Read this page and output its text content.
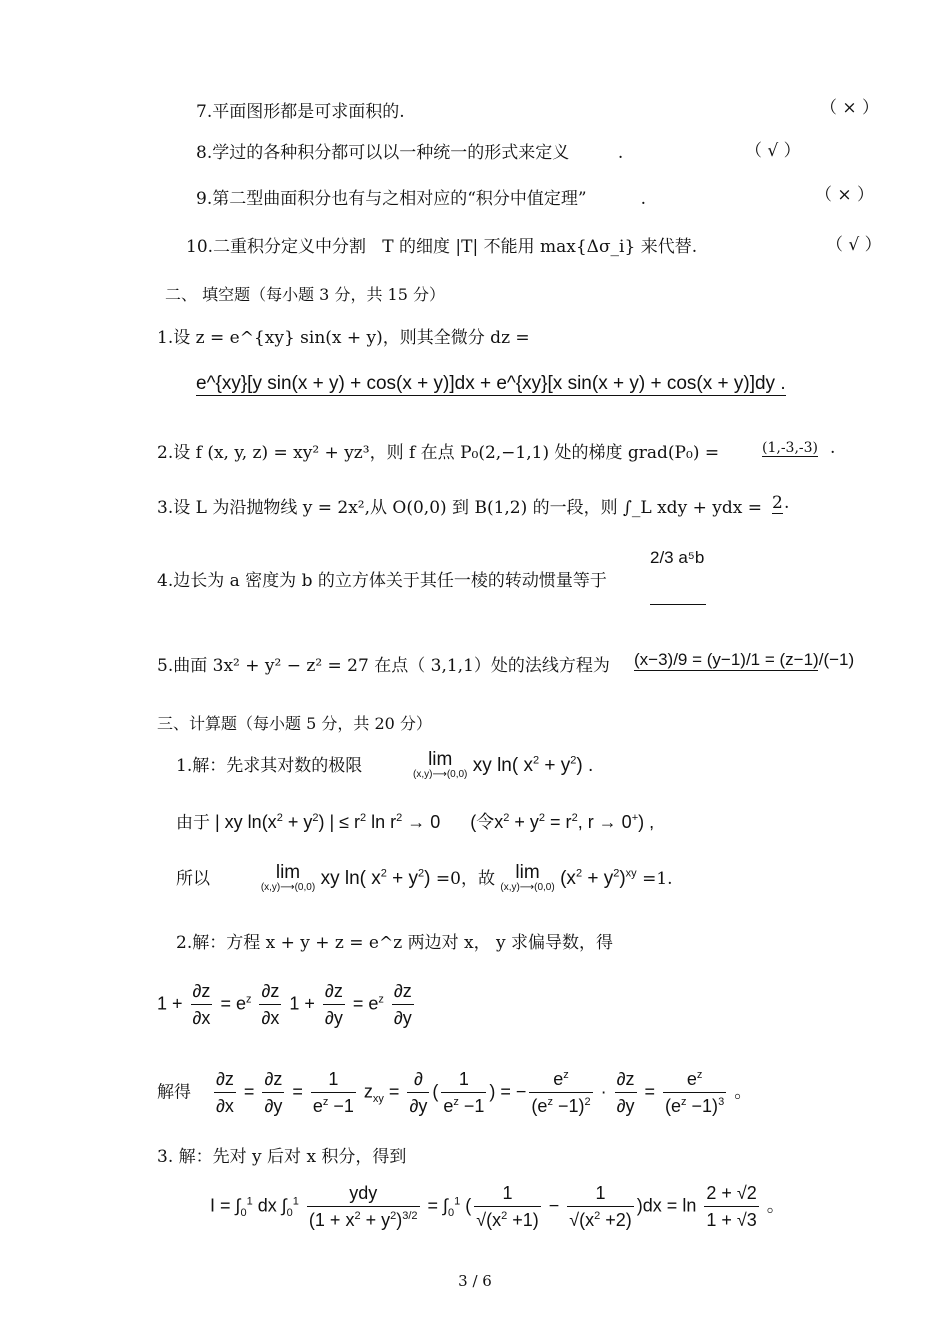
7.平面图形都是可求面积的.	（ × ）
8.学过的各种积分都可以以一种统一的形式来定义	.	（ √ ）
9.第二型曲面积分也有与之相对应的“积分中值定理”	.	（ × ）
10.二重积分定义中分割 T 的细度 |T| 不能用 max{Δσ_i} 来代替.	（ √ ）
二、 填空题（每小题 3 分，共 15 分）
1.设 z = e^{xy} sin(x + y)，则其全微分 dz =
e^{xy}[y sin(x + y) + cos(x + y)]dx + e^{xy}[x sin(x + y) + cos(x + y)]dy .
2.设 f (x, y, z) = xy² + yz³，则 f 在点 P₀(2,−1,1) 处的梯度 grad(P₀) =	(1,-3,-3) .
3.设 L 为沿抛物线 y = 2x²,从 O(0,0) 到 B(1,2) 的一段，则 ∫_L xdy + ydx = 2 .
4.边长为 a 密度为 b 的立方体关于其任一棱的转动惯量等于
2/3 a⁵b
5.曲面 3x² + y² − z² = 27 在点（ 3,1,1）处的法线方程为 (x−3)/9 = (y−1)/1 = (z−1)/(−1)
三、计算题（每小题 5 分，共 20 分）
1.解：先求其对数的极限	lim
(x,y)⟶(0,0) xy ln( $x^2 + y^2$) .
由于 | xy $\ln(x^2 + y^2)$ | ≤ $r^2$ $\ln r^2 \to 0$      (令$x^2 + y^2 = r^2$, r → 0+) ,
所以	lim
(x,y)⟶(0,0) xy ln( $x^2 + y^2) =0$，故	lim
(x,y)⟶(0,0) $(x^2 + y^2)^{xy} =1$.
2.解：方程 x + y + z = e^z 两边对 x， y 求偏导数，得
$1 + \frac{\partial z}{\partial x} = e^z \frac{\partial z}{\partial x} 1 + \frac{\partial z}{\partial y} = e^z \frac{\partial z}{\partial y}$
解得 $\frac{\partial z}{\partial x} = \frac{\partial z}{\partial y} = \frac{1}{e^z -1} z_{xy} = \frac{\partial}{\partial y}$ ( $\frac{1}{e^z -1}$ ) = − $\frac{e^z}{(e^z -1)^2} \cdot \frac{\partial z}{\partial y} = \frac{e^z}{(e^z -1)^3}$ 。
3. 解：先对 y 后对 x 积分，得到
$I = \int_0^1$ dx $\int_0^1 \frac{\text{ydy}}{(1 + x^2 + y^2)^{3/2}} = \int_0^1$ ( $\frac{1}{√(x^2 +1)} - \frac{1}{√(x^2 +2)} )dx = \ln \frac{2 + √2}{1 + √3}$ 。
3 / 6
